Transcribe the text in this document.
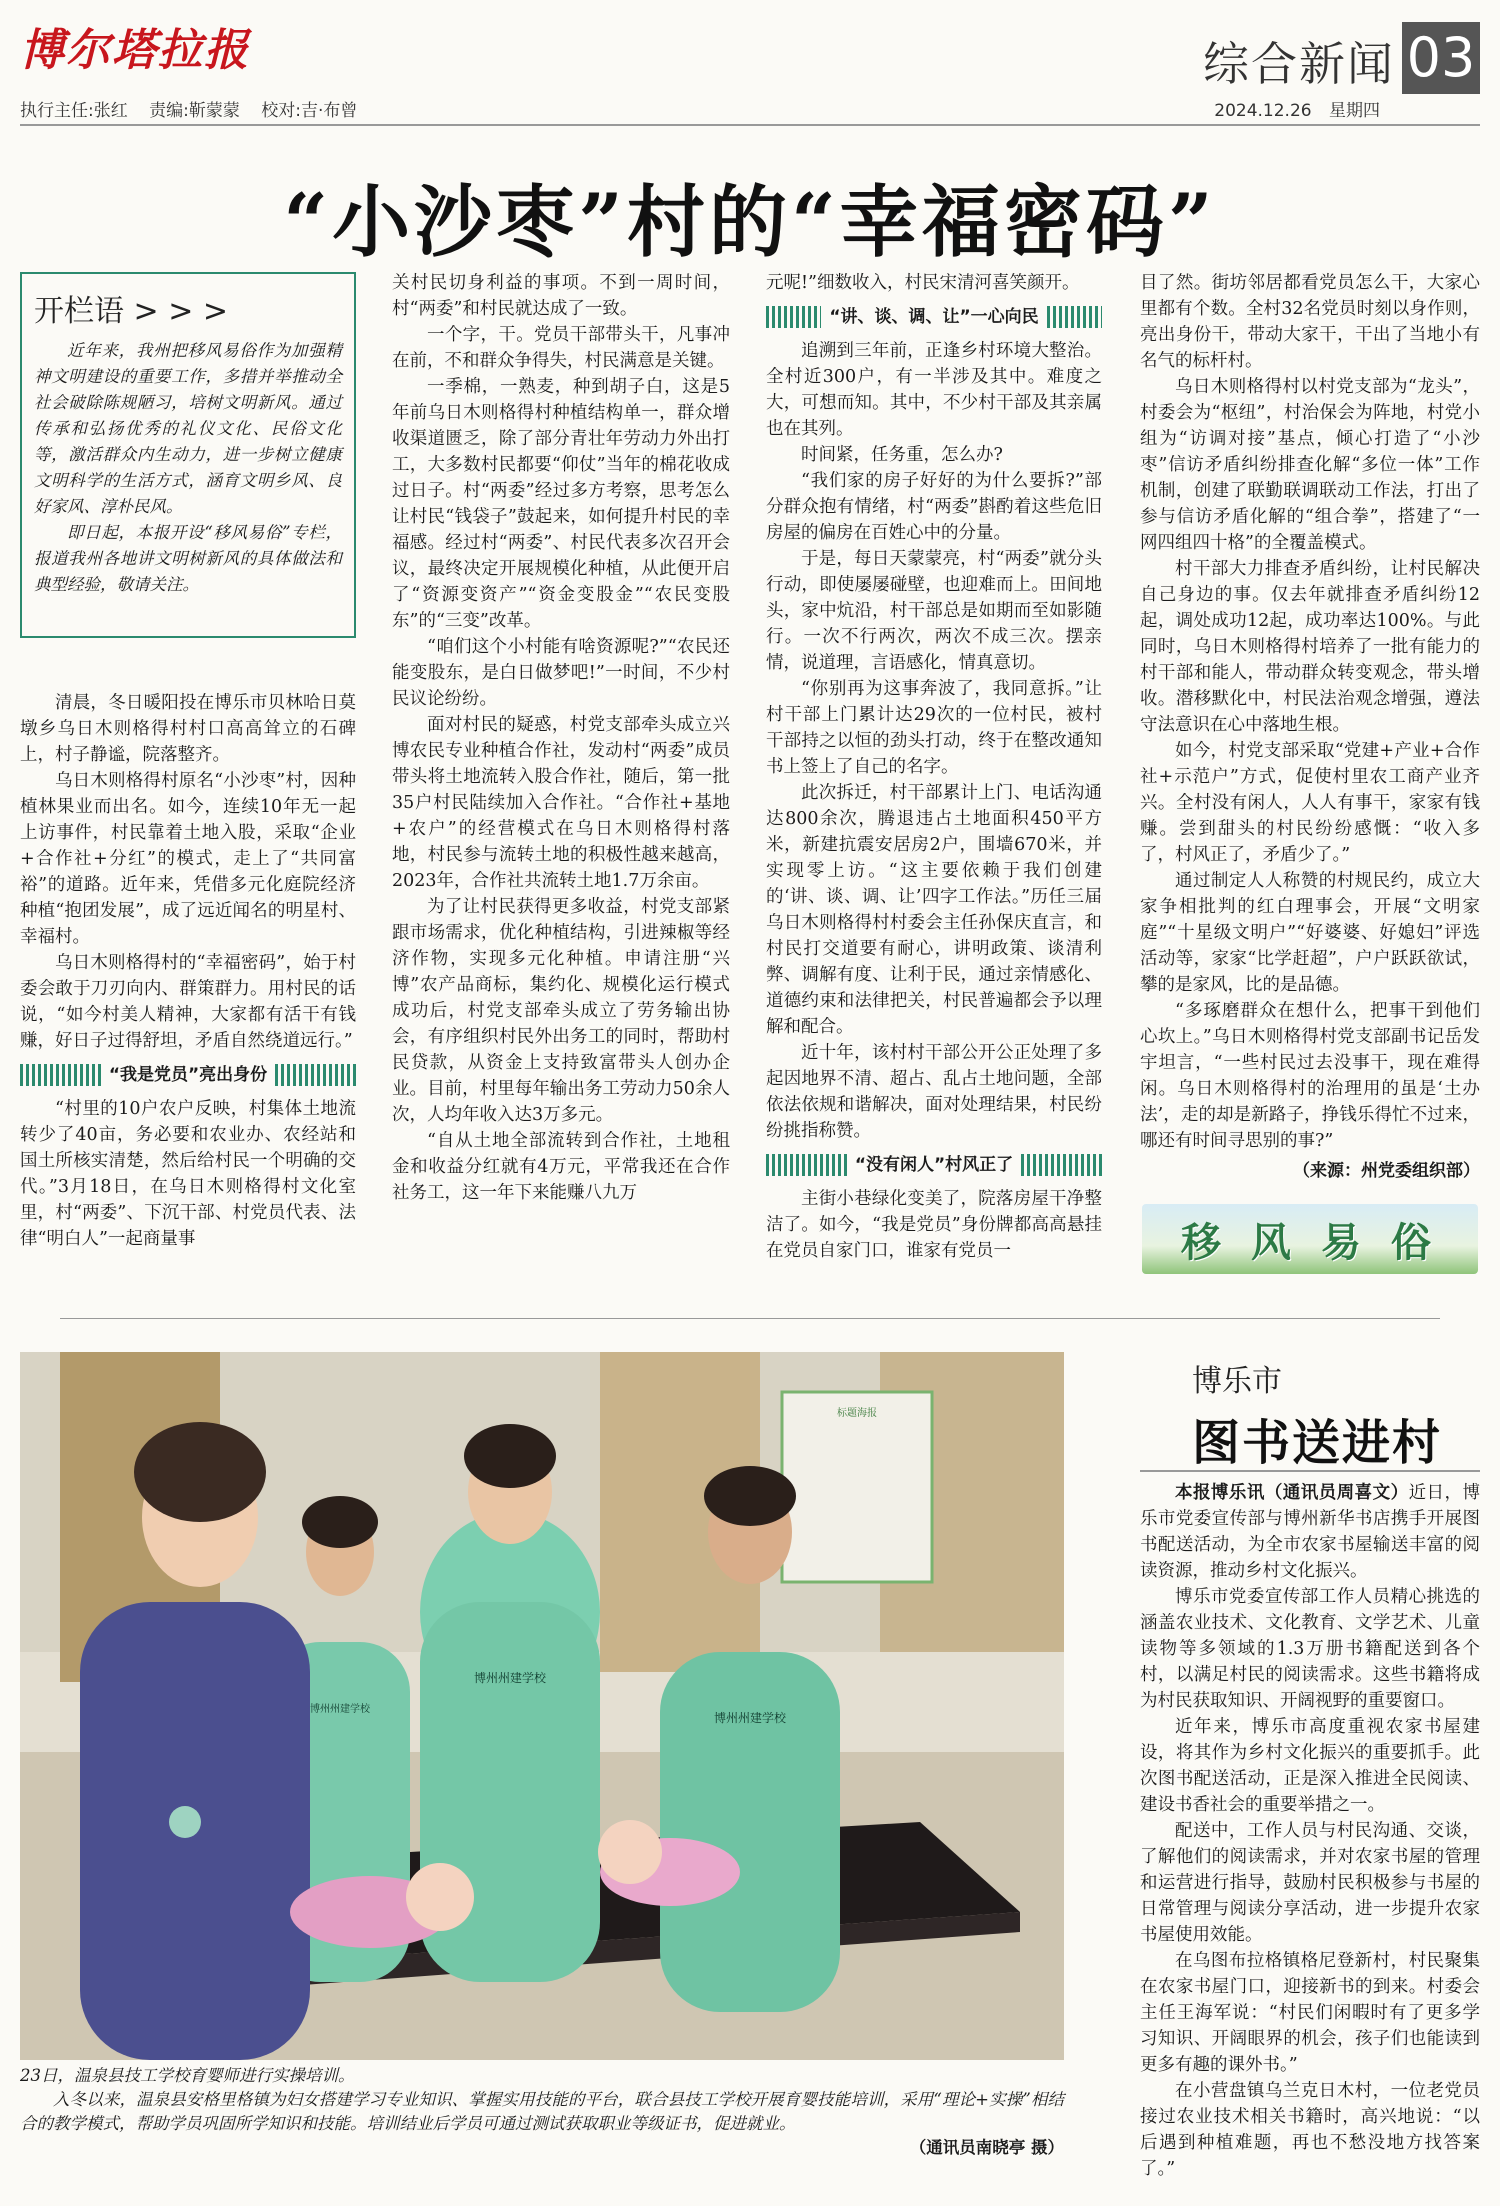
博尔塔拉报	综合新闻 03
执行主任:张红 责编:靳蒙蒙 校对:吉·布曾	2024.12.26 星期四
“小沙枣”村的“幸福密码”
开栏语 > > >

近年来，我州把移风易俗作为加强精神文明建设的重要工作，多措并举推动全社会破除陈规陋习，培树文明新风。通过传承和弘扬优秀的礼仪文化、民俗文化等，激活群众内生动力，进一步树立健康文明科学的生活方式，涵育文明乡风、良好家风、淳朴民风。

即日起，本报开设“移风易俗”专栏，报道我州各地讲文明树新风的具体做法和典型经验，敬请关注。

清晨，冬日暖阳投在博乐市贝林哈日莫墩乡乌日木则格得村村口高高耸立的石碑上，村子静谧，院落整齐。

乌日木则格得村原名“小沙枣”村，因种植林果业而出名。如今，连续10年无一起上访事件，村民靠着土地入股，采取“企业+合作社+分红”的模式，走上了“共同富裕”的道路。近年来，凭借多元化庭院经济种植“抱团发展”，成了远近闻名的明星村、幸福村。

乌日木则格得村的“幸福密码”，始于村委会敢于刀刃向内、群策群力。用村民的话说，“如今村美人精神，大家都有活干有钱赚，好日子过得舒坦，矛盾自然绕道远行。”

“我是党员”亮出身份

“村里的10户农户反映，村集体土地流转少了40亩，务必要和农业办、农经站和国土所核实清楚，然后给村民一个明确的交代。”3月18日，在乌日木则格得村文化室里，村“两委”、下沉干部、村党员代表、法律“明白人”一起商量事

关村民切身利益的事项。不到一周时间，村“两委”和村民就达成了一致。

一个字，干。党员干部带头干，凡事冲在前，不和群众争得失，村民满意是关键。

一季棉，一熟麦，种到胡子白，这是5年前乌日木则格得村种植结构单一，群众增收渠道匮乏，除了部分青壮年劳动力外出打工，大多数村民都要“仰仗”当年的棉花收成过日子。村“两委”经过多方考察，思考怎么让村民“钱袋子”鼓起来，如何提升村民的幸福感。经过村“两委”、村民代表多次召开会议，最终决定开展规模化种植，从此便开启了“资源变资产”“资金变股金”“农民变股东”的“三变”改革。

“咱们这个小村能有啥资源呢?”“农民还能变股东，是白日做梦吧!”一时间，不少村民议论纷纷。

面对村民的疑惑，村党支部牵头成立兴博农民专业种植合作社，发动村“两委”成员带头将土地流转入股合作社，随后，第一批35户村民陆续加入合作社。“合作社+基地+农户”的经营模式在乌日木则格得村落地，村民参与流转土地的积极性越来越高，2023年，合作社共流转土地1.7万余亩。

为了让村民获得更多收益，村党支部紧跟市场需求，优化种植结构，引进辣椒等经济作物，实现多元化种植。申请注册“兴博”农产品商标，集约化、规模化运行模式成功后，村党支部牵头成立了劳务输出协会，有序组织村民外出务工的同时，帮助村民贷款，从资金上支持致富带头人创办企业。目前，村里每年输出务工劳动力50余人次，人均年收入达3万多元。

“自从土地全部流转到合作社，土地租金和收益分红就有4万元，平常我还在合作社务工，这一年下来能赚八九万

元呢!”细数收入，村民宋清河喜笑颜开。

“讲、谈、调、让”一心向民

追溯到三年前，正逢乡村环境大整治。全村近300户，有一半涉及其中。难度之大，可想而知。其中，不少村干部及其亲属也在其列。

时间紧，任务重，怎么办?

“我们家的房子好好的为什么要拆?”部分群众抱有情绪，村“两委”斟酌着这些危旧房屋的偏房在百姓心中的分量。

于是，每日天蒙蒙亮，村“两委”就分头行动，即使屡屡碰壁，也迎难而上。田间地头，家中炕沿，村干部总是如期而至如影随行。一次不行两次，两次不成三次。摆亲情，说道理，言语感化，情真意切。

“你别再为这事奔波了，我同意拆。”让村干部上门累计达29次的一位村民，被村干部持之以恒的劲头打动，终于在整改通知书上签上了自己的名字。

此次拆迁，村干部累计上门、电话沟通达800余次，腾退违占土地面积450平方米，新建抗震安居房2户，围墙670米，并实现零上访。“这主要依赖于我们创建的‘讲、谈、调、让’四字工作法。”历任三届乌日木则格得村村委会主任孙保庆直言，和村民打交道要有耐心，讲明政策、谈清利弊、调解有度、让利于民，通过亲情感化、道德约束和法律把关，村民普遍都会予以理解和配合。

近十年，该村村干部公开公正处理了多起因地界不清、超占、乱占土地问题，全部依法依规和谐解决，面对处理结果，村民纷纷挑指称赞。

“没有闲人”村风正了

主街小巷绿化变美了，院落房屋干净整洁了。如今，“我是党员”身份牌都高高悬挂在党员自家门口，谁家有党员一

目了然。街坊邻居都看党员怎么干，大家心里都有个数。全村32名党员时刻以身作则，亮出身份干，带动大家干，干出了当地小有名气的标杆村。

乌日木则格得村以村党支部为“龙头”，村委会为“枢纽”，村治保会为阵地，村党小组为“访调对接”基点，倾心打造了“小沙枣”信访矛盾纠纷排查化解“多位一体”工作机制，创建了联勤联调联动工作法，打出了参与信访矛盾化解的“组合拳”，搭建了“一网四组四十格”的全覆盖模式。

村干部大力排查矛盾纠纷，让村民解决自己身边的事。仅去年就排查矛盾纠纷12起，调处成功12起，成功率达100%。与此同时，乌日木则格得村培养了一批有能力的村干部和能人，带动群众转变观念，带头增收。潜移默化中，村民法治观念增强，遵法守法意识在心中落地生根。

如今，村党支部采取“党建+产业+合作社+示范户”方式，促使村里农工商产业齐兴。全村没有闲人，人人有事干，家家有钱赚。尝到甜头的村民纷纷感慨：“收入多了，村风正了，矛盾少了。”

通过制定人人称赞的村规民约，成立大家争相批判的红白理事会，开展“文明家庭”“十星级文明户”“好婆婆、好媳妇”评选活动等，家家“比学赶超”，户户跃跃欲试，攀的是家风，比的是品德。

“多琢磨群众在想什么，把事干到他们心坎上。”乌日木则格得村党支部副书记岳发宇坦言，“一些村民过去没事干，现在难得闲。乌日木则格得村的治理用的虽是‘土办法’，走的却是新路子，挣钱乐得忙不过来，哪还有时间寻思别的事?”

（来源：州党委组织部）
移 风 易 俗
标题海报
博州州建学校
博州州建学校
博州州建学校

23日，温泉县技工学校育婴师进行实操培训。

入冬以来，温泉县安格里格镇为妇女搭建学习专业知识、掌握实用技能的平台，联合县技工学校开展育婴技能培训，采用“理论+实操”相结合的教学模式，帮助学员巩固所学知识和技能。培训结业后学员可通过测试获取职业等级证书，促进就业。

（通讯员南晓亭 摄）

博乐市
图书送进村

本报博乐讯（通讯员周喜文）近日，博乐市党委宣传部与博州新华书店携手开展图书配送活动，为全市农家书屋输送丰富的阅读资源，推动乡村文化振兴。

博乐市党委宣传部工作人员精心挑选的涵盖农业技术、文化教育、文学艺术、儿童读物等多领域的1.3万册书籍配送到各个村，以满足村民的阅读需求。这些书籍将成为村民获取知识、开阔视野的重要窗口。

近年来，博乐市高度重视农家书屋建设，将其作为乡村文化振兴的重要抓手。此次图书配送活动，正是深入推进全民阅读、建设书香社会的重要举措之一。

配送中，工作人员与村民沟通、交谈，了解他们的阅读需求，并对农家书屋的管理和运营进行指导，鼓励村民积极参与书屋的日常管理与阅读分享活动，进一步提升农家书屋使用效能。

在乌图布拉格镇格尼登新村，村民聚集在农家书屋门口，迎接新书的到来。村委会主任王海军说：“村民们闲暇时有了更多学习知识、开阔眼界的机会，孩子们也能读到更多有趣的课外书。”

在小营盘镇乌兰克日木村，一位老党员接过农业技术相关书籍时，高兴地说：“以后遇到种植难题，再也不愁没地方找答案了。”
